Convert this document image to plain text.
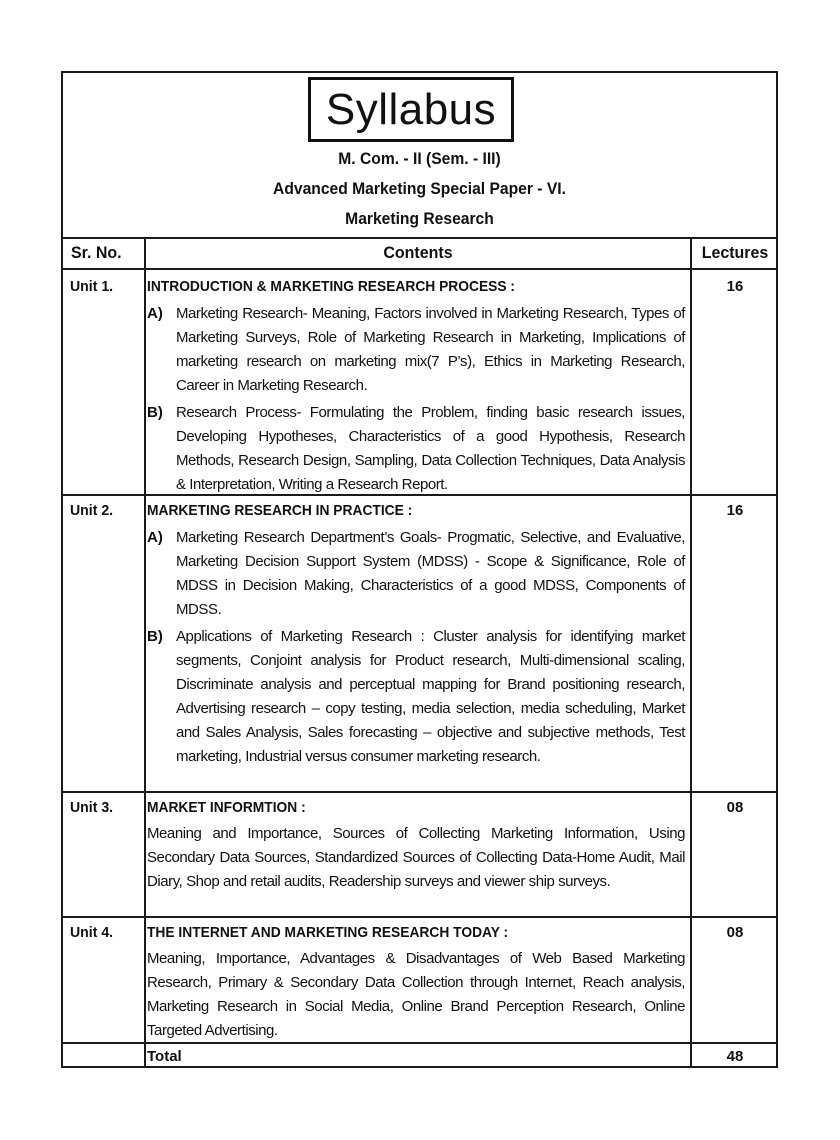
Syllabus
M. Com. - II (Sem. - III)
Advanced Marketing Special Paper - VI.
Marketing Research
Sr. No.	Contents	Lectures
Unit 1. INTRODUCTION & MARKETING RESEARCH PROCESS :	16
A) Marketing Research- Meaning, Factors involved in Marketing Research, Types of Marketing Surveys, Role of Marketing Research in Marketing, Implications of marketing research on marketing mix(7 P’s), Ethics in Marketing Research, Career in Marketing Research.
B) Research Process- Formulating the Problem, finding basic research issues, Developing Hypotheses, Characteristics of a good Hypothesis, Research Methods, Research Design, Sampling, Data Collection Techniques, Data Analysis & Interpretation, Writing a Research Report.
Unit 2. MARKETING RESEARCH IN PRACTICE :	16
A) Marketing Research Department’s Goals- Progmatic, Selective, and Evaluative, Marketing Decision Support System (MDSS) - Scope & Significance, Role of MDSS in Decision Making, Characteristics of a good MDSS, Components of MDSS.
B) Applications of Marketing Research : Cluster analysis for identifying market segments, Conjoint analysis for Product research, Multi-dimensional scaling, Discriminate analysis and perceptual mapping for Brand positioning research, Advertising research – copy testing, media selection, media scheduling, Market and Sales Analysis, Sales forecasting – objective and subjective methods, Test marketing, Industrial versus consumer marketing research.
Unit 3. MARKET INFORMTION :	08
Meaning and Importance, Sources of Collecting Marketing Information, Using Secondary Data Sources, Standardized Sources of Collecting Data-Home Audit, Mail Diary, Shop and retail audits, Readership surveys and viewer ship surveys.
Unit 4. THE INTERNET AND MARKETING RESEARCH TODAY :	08
Meaning, Importance, Advantages & Disadvantages of Web Based Marketing Research, Primary & Secondary Data Collection through Internet, Reach analysis, Marketing Research in Social Media, Online Brand Perception Research, Online Targeted Advertising.
Total	48
